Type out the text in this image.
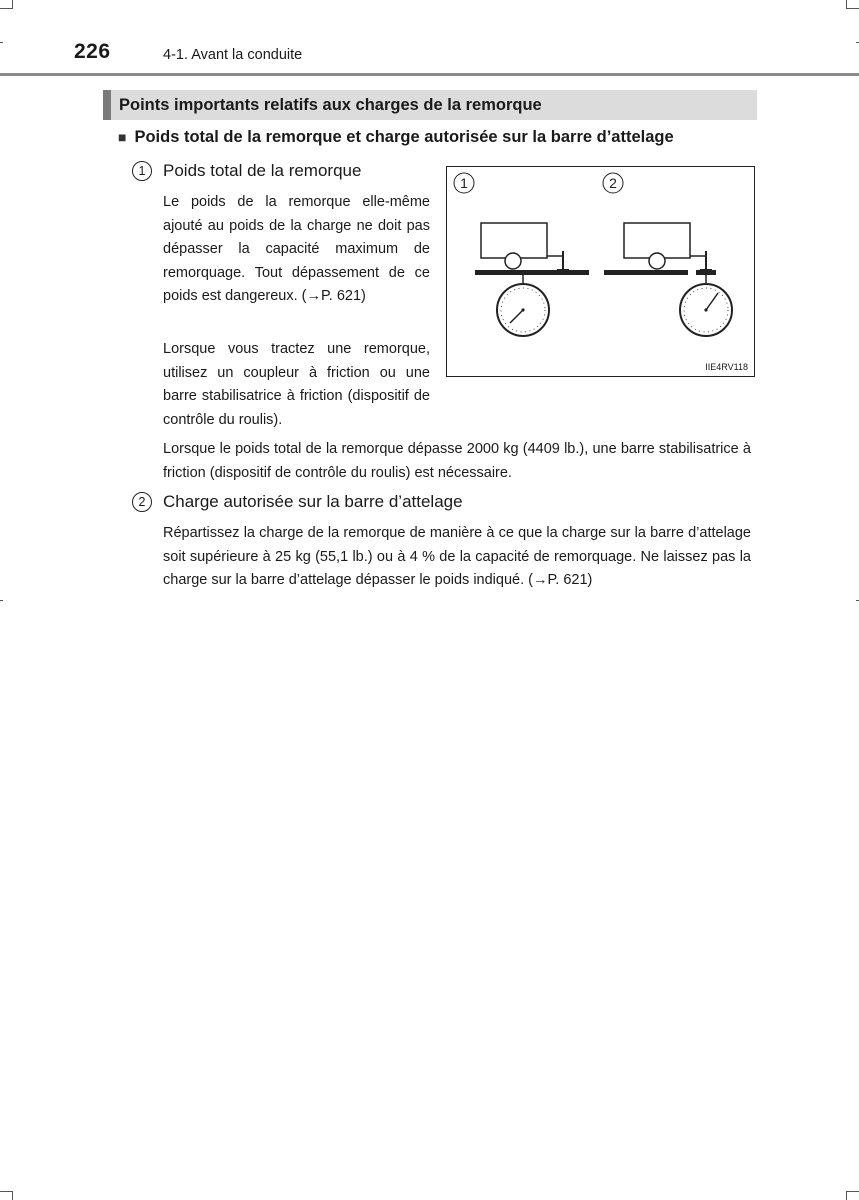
226	4-1. Avant la conduite
Points importants relatifs aux charges de la remorque
■ Poids total de la remorque et charge autorisée sur la barre d’attelage
1	Poids total de la remorque
Le poids de la remorque elle-même ajouté au poids de la charge ne doit pas dépasser la capacité maximum de remorquage. Tout dépassement de ce poids est dangereux. (→P. 621)
Lorsque vous tractez une remorque, utilisez un coupleur à friction ou une barre stabilisatrice à friction (dispositif de contrôle du roulis).
Lorsque le poids total de la remorque dépasse 2000 kg (4409 lb.), une barre stabilisatrice à friction (dispositif de contrôle du roulis) est nécessaire.
2	Charge autorisée sur la barre d’attelage
Répartissez la charge de la remorque de manière à ce que la charge sur la barre d’attelage soit supérieure à 25 kg (55,1 lb.) ou à 4 % de la capacité de remorquage. Ne laissez pas la charge sur la barre d’attelage dépasser le poids indiqué. (→P. 621)
1	2
IIE4RV118
